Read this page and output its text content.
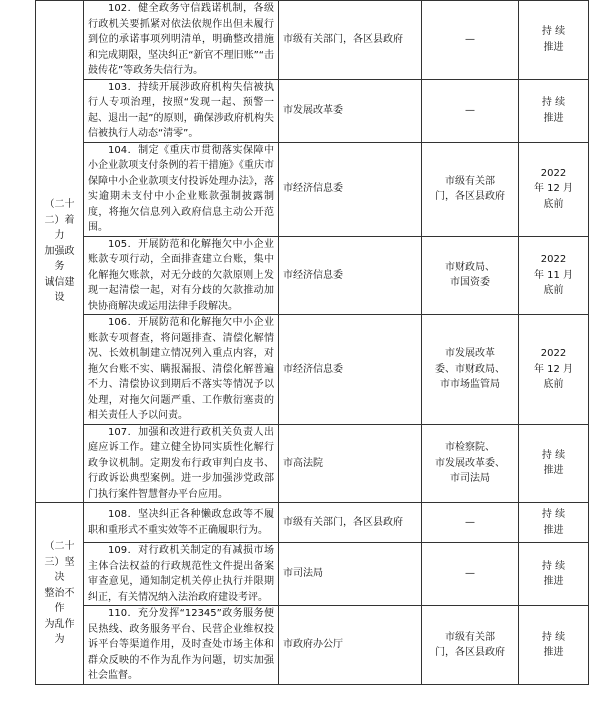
（二十
二）着力
加强政务
诚信建设	102．健全政务守信践诺机制，各级行政机关要抓紧对依法依规作出但未履行到位的承诺事项列明清单，明确整改措施和完成期限，坚决纠正“新官不理旧账”“击鼓传花”等政务失信行为。	市级有关部门，各区县政府	—	持 续
推进
	103．持续开展涉政府机构失信被执行人专项治理，按照“发现一起、预警一起、退出一起”的原则，确保涉政府机构失信被执行人动态“清零”。	市发展改革委	—	持 续
推进
	104．制定《重庆市贯彻落实保障中小企业款项支付条例的若干措施》《重庆市保障中小企业款项支付投诉处理办法》，落实逾期未支付中小企业账款强制披露制度，将拖欠信息列入政府信息主动公开范围。	市经济信息委	市级有关部
门，各区县政府	2022
年 12 月
底前
	105．开展防范和化解拖欠中小企业账款专项行动，全面排查建立台账，集中化解拖欠账款，对无分歧的欠款原则上发现一起清偿一起，对有分歧的欠款推动加快协商解决或运用法律手段解决。	市经济信息委	市财政局、
市国资委	2022
年 11 月
底前
	106．开展防范和化解拖欠中小企业账款专项督查，将问题排查、清偿化解情况、长效机制建立情况列入重点内容，对拖欠台账不实、瞒报漏报、清偿化解普遍不力、清偿协议到期后不落实等情况予以处理，对拖欠问题严重、工作敷衍塞责的相关责任人予以问责。	市经济信息委	市发展改革
委、市财政局、
市市场监管局	2022
年 12 月
底前
	107．加强和改进行政机关负责人出庭应诉工作。建立健全协同实质性化解行政争议机制。定期发布行政审判白皮书、行政诉讼典型案例。进一步加强涉党政部门执行案件智慧督办平台应用。	市高法院	市检察院、
市发展改革委、
市司法局	持 续
推进
（二十
三）坚决
整治不作
为乱作为	108．坚决纠正各种懒政怠政等不履职和重形式不重实效等不正确履职行为。	市级有关部门，各区县政府	—	持 续
推进
	109．对行政机关制定的有减损市场主体合法权益的行政规范性文件提出备案审查意见，通知制定机关停止执行并限期纠正，有关情况纳入法治政府建设考评。	市司法局	—	持 续
推进
	110．充分发挥“12345”政务服务便民热线、政务服务平台、民营企业维权投诉平台等渠道作用，及时查处市场主体和群众反映的不作为乱作为问题，切实加强社会监督。	市政府办公厅	市级有关部
门，各区县政府	持 续
推进
